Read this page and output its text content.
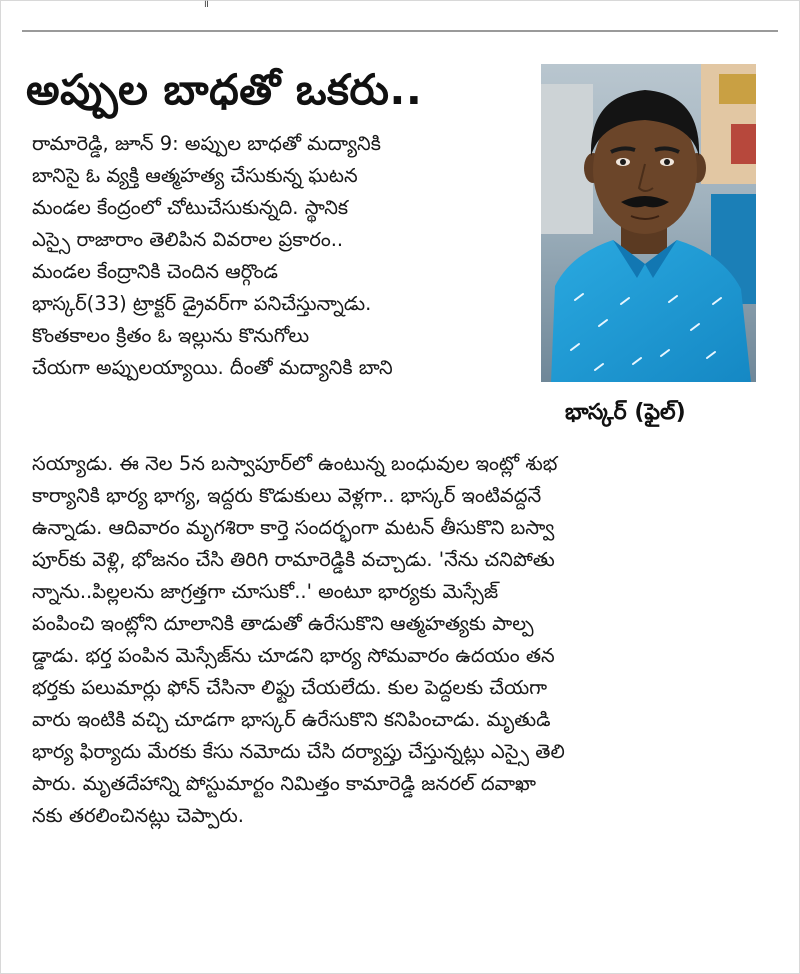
॥
అప్పుల బాధతో ఒకరు..
భాస్కర్ (ఫైల్)

రామారెడ్డి, జూన్ 9: అప్పుల బాధతో మద్యానికి

బానిసై ఓ వ్యక్తి ఆత్మహత్య చేసుకున్న ఘటన

మండల కేంద్రంలో చోటుచేసుకున్నది. స్థానిక

ఎస్సై రాజారాం తెలిపిన వివరాల ప్రకారం..

మండల కేంద్రానికి చెందిన ఆర్గొండ

భాస్కర్(33) ట్రాక్టర్ డ్రైవర్‌గా పనిచేస్తున్నాడు.

కొంతకాలం క్రితం ఓ ఇల్లును కొనుగోలు

చేయగా అప్పులయ్యాయి. దీంతో మద్యానికి బాని

సయ్యాడు. ఈ నెల 5న బస్వాపూర్‌లో ఉంటున్న బంధువుల ఇంట్లో శుభ

కార్యానికి భార్య భాగ్య, ఇద్దరు కొడుకులు వెళ్లగా.. భాస్కర్ ఇంటివద్దనే

ఉన్నాడు. ఆదివారం మృగశిరా కార్తె సందర్భంగా మటన్ తీసుకొని బస్వా

పూర్‌కు వెళ్లి, భోజనం చేసి తిరిగి రామారెడ్డికి వచ్చాడు. 'నేను చనిపోతు

న్నాను..పిల్లలను జాగ్రత్తగా చూసుకో..' అంటూ భార్యకు మెస్సేజ్

పంపించి ఇంట్లోని దూలానికి తాడుతో ఉరేసుకొని ఆత్మహత్యకు పాల్ప

డ్డాడు. భర్త పంపిన మెస్సేజ్‌ను చూడని భార్య సోమవారం ఉదయం తన

భర్తకు పలుమార్లు ఫోన్ చేసినా లిఫ్టు చేయలేదు. కుల పెద్దలకు చేయగా

వారు ఇంటికి వచ్చి చూడగా భాస్కర్ ఉరేసుకొని కనిపించాడు. మృతుడి

భార్య ఫిర్యాదు మేరకు కేసు నమోదు చేసి దర్యాప్తు చేస్తున్నట్లు ఎస్సై తెలి

పారు. మృతదేహాన్ని పోస్టుమార్టం నిమిత్తం కామారెడ్డి జనరల్ దవాఖా

నకు తరలించినట్లు చెప్పారు.
